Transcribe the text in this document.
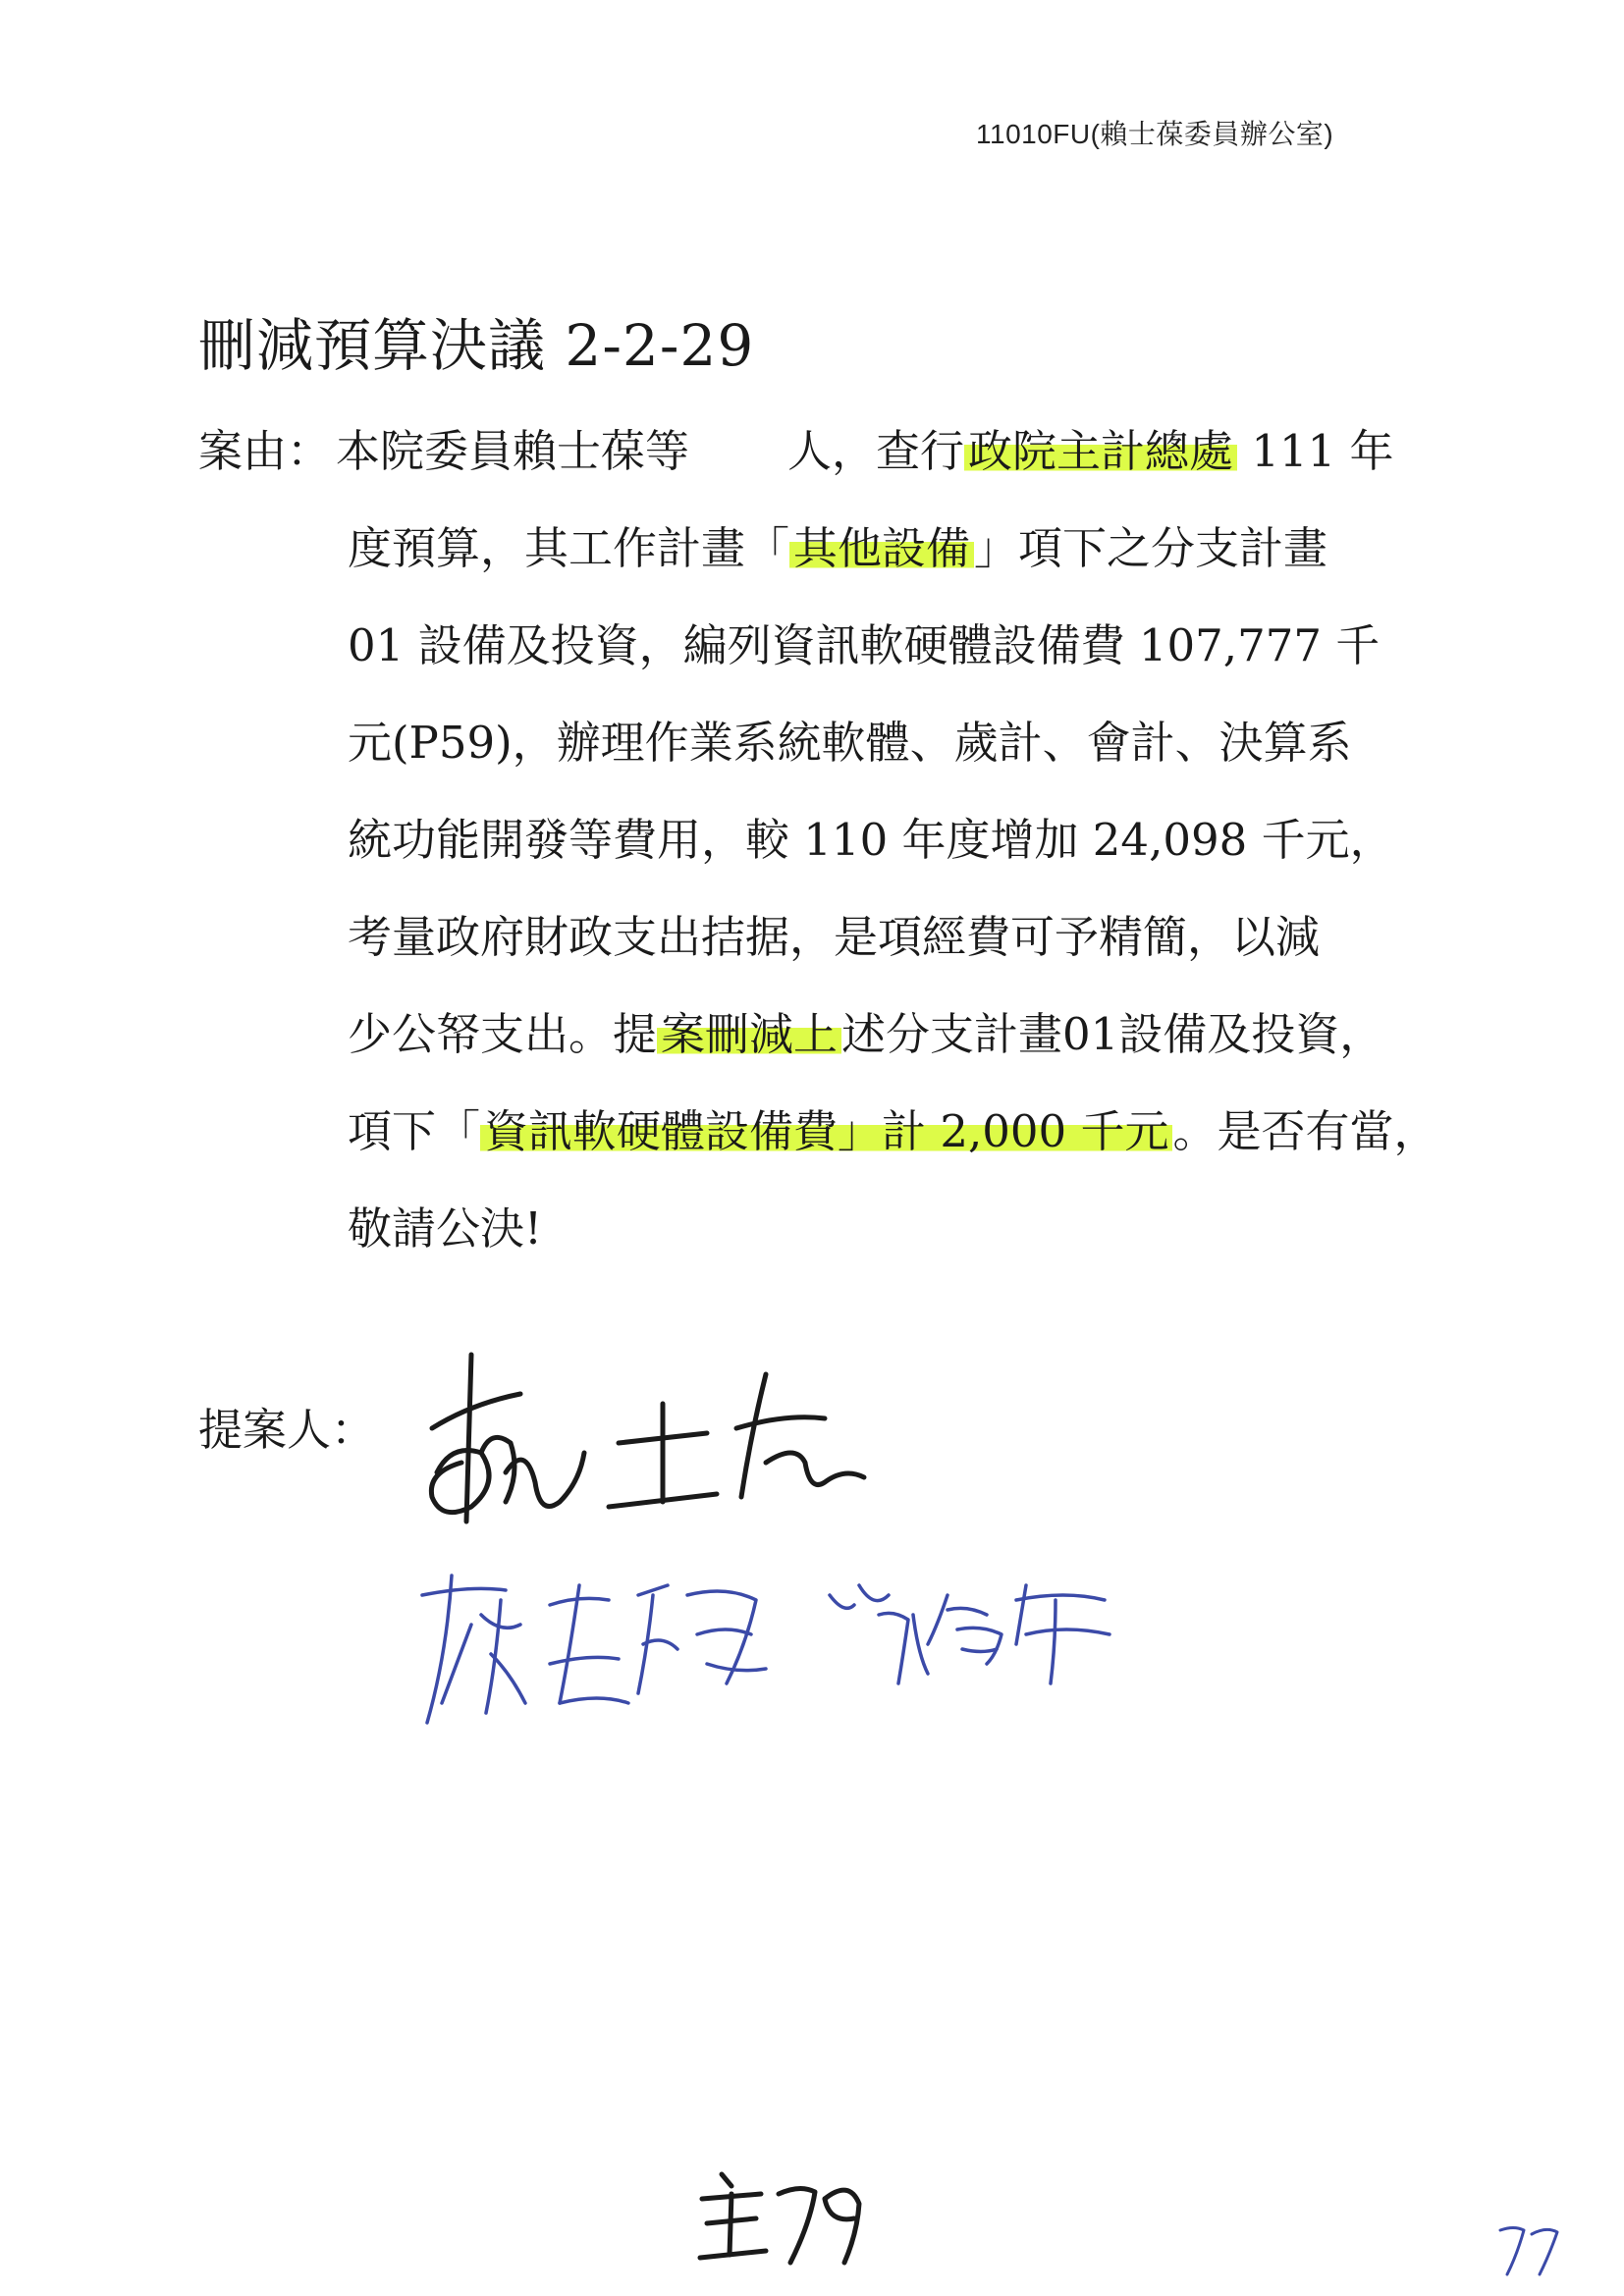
11010FU(賴士葆委員辦公室)
刪減預算決議 2-2-29
案由： 本院委員賴士葆等 人，查行政院主計總處 111 年
度預算，其工作計畫「其他設備」項下之分支計畫
01 設備及投資，編列資訊軟硬體設備費 107,777 千
元(P59)，辦理作業系統軟體、歲計、會計、決算系
統功能開發等費用，較 110 年度增加 24,098 千元，
考量政府財政支出拮据，是項經費可予精簡，以減
少公帑支出。提案刪減上述分支計畫01設備及投資，
項下「資訊軟硬體設備費」計 2,000 千元。是否有當，
敬請公決!
提案人：
